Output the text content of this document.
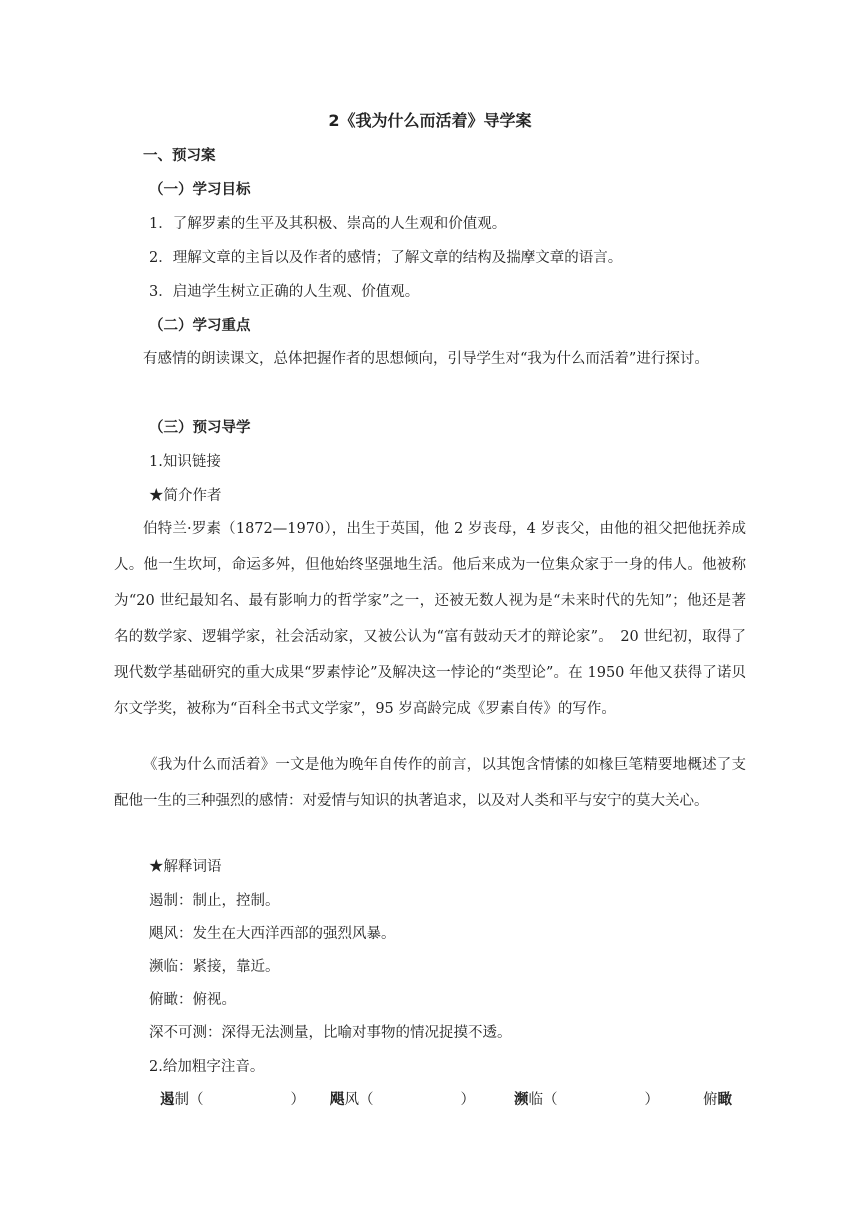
2《我为什么而活着》导学案
一、预习案
（一）学习目标
1．了解罗素的生平及其积极、崇高的人生观和价值观。
2．理解文章的主旨以及作者的感情；了解文章的结构及揣摩文章的语言。
3．启迪学生树立正确的人生观、价值观。
（二）学习重点
有感情的朗读课文，总体把握作者的思想倾向，引导学生对“我为什么而活着”进行探讨。
（三）预习导学
1.知识链接
★简介作者
伯特兰·罗素（1872—1970），出生于英国，他 2 岁丧母，4 岁丧父，由他的祖父把他抚养成人。他一生坎坷，命运多舛，但他始终坚强地生活。他后来成为一位集众家于一身的伟人。他被称为“20 世纪最知名、最有影响力的哲学家”之一，还被无数人视为是“未来时代的先知”；他还是著名的数学家、逻辑学家，社会活动家，又被公认为“富有鼓动天才的辩论家”。　20 世纪初，取得了现代数学基础研究的重大成果“罗素悖论”及解决这一悖论的“类型论”。在 1950 年他又获得了诺贝尔文学奖，被称为“百科全书式文学家”，95 岁高龄完成《罗素自传》的写作。
《我为什么而活着》一文是他为晚年自传作的前言，以其饱含情愫的如椽巨笔精要地概述了支配他一生的三种强烈的感情：对爱情与知识的执著追求，以及对人类和平与安宁的莫大关心。
★解释词语
遏制：制止，控制。
飓风：发生在大西洋西部的强烈风暴。
濒临：紧接，靠近。
俯瞰：俯视。
深不可测：深得无法测量，比喻对事物的情况捉摸不透。
2.给加粗字注音。
遏制（　　　　　　） 飓风（　　　　　　）	濒临（　　　　　　）	俯瞰
